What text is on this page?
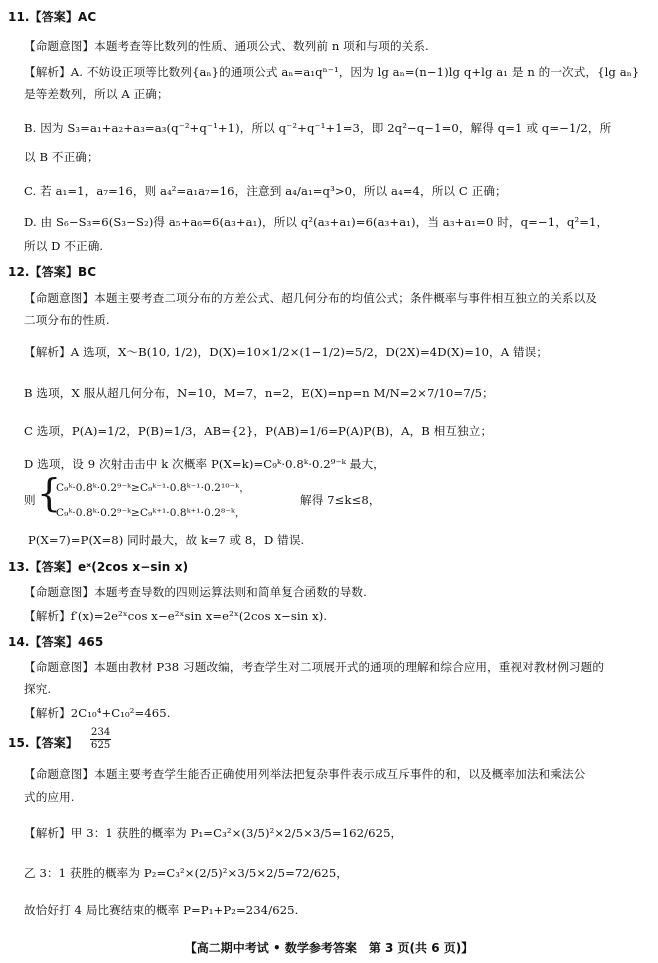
11.【答案】AC
【命题意图】本题考查等比数列的性质、通项公式、数列前 n 项和与项的关系.
【解析】A. 不妨设正项等比数列{aₙ}的通项公式 aₙ=a₁qⁿ⁻¹，因为 lg aₙ=(n−1)lg q+lg a₁ 是 n 的一次式，{lg aₙ}
是等差数列，所以 A 正确；
B. 因为 S₃=a₁+a₂+a₃=a₃(q⁻²+q⁻¹+1)，所以 q⁻²+q⁻¹+1=3，即 2q²−q−1=0，解得 q=1 或 q=−1/2，所
以 B 不正确；
C. 若 a₁=1，a₇=16，则 a₄²=a₁a₇=16，注意到 a₄/a₁=q³>0，所以 a₄=4，所以 C 正确；
D. 由 S₆−S₃=6(S₃−S₂)得 a₅+a₆=6(a₃+a₁)，所以 q²(a₃+a₁)=6(a₃+a₁)，当 a₃+a₁=0 时，q=−1，q²=1，
所以 D 不正确.
12.【答案】BC
【命题意图】本题主要考查二项分布的方差公式、超几何分布的均值公式；条件概率与事件相互独立的关系以及
二项分布的性质.
【解析】A 选项，X～B(10, 1/2)，D(X)=10×1/2×(1−1/2)=5/2，D(2X)=4D(X)=10，A 错误；
B 选项，X 服从超几何分布，N=10，M=7，n=2，E(X)=np=n M/N=2×7/10=7/5；
C 选项，P(A)=1/2，P(B)=1/3，AB={2}，P(AB)=1/6=P(A)P(B)，A，B 相互独立；
D 选项，设 9 次射击击中 k 次概率 P(X=k)=C₉ᵏ·0.8ᵏ·0.2⁹⁻ᵏ 最大，
则 {
C₉ᵏ·0.8ᵏ·0.2⁹⁻ᵏ≥C₉ᵏ⁻¹·0.8ᵏ⁻¹·0.2¹⁰⁻ᵏ，
C₉ᵏ·0.8ᵏ·0.2⁹⁻ᵏ≥C₉ᵏ⁺¹·0.8ᵏ⁺¹·0.2⁸⁻ᵏ，
解得 7≤k≤8，
P(X=7)=P(X=8) 同时最大，故 k=7 或 8，D 错误.
13.【答案】eˣ(2cos x−sin x)
【命题意图】本题考查导数的四则运算法则和简单复合函数的导数.
【解析】f′(x)=2e²ˣcos x−e²ˣsin x=e²ˣ(2cos x−sin x).
14.【答案】465
【命题意图】本题由教材 P38 习题改编，考查学生对二项展开式的通项的理解和综合应用，重视对教材例习题的
探究.
【解析】2C₁₀⁴+C₁₀²=465.
15.【答案】 $\frac{234}{625}$
【命题意图】本题主要考查学生能否正确使用列举法把复杂事件表示成互斥事件的和，以及概率加法和乘法公
式的应用.
【解析】甲 3：1 获胜的概率为 P₁=C₃²×(3/5)²×2/5×3/5=162/625，
乙 3：1 获胜的概率为 P₂=C₃²×(2/5)²×3/5×2/5=72/625，
故恰好打 4 局比赛结束的概率 P=P₁+P₂=234/625.
【高二期中考试 • 数学参考答案　第 3 页(共 6 页)】
